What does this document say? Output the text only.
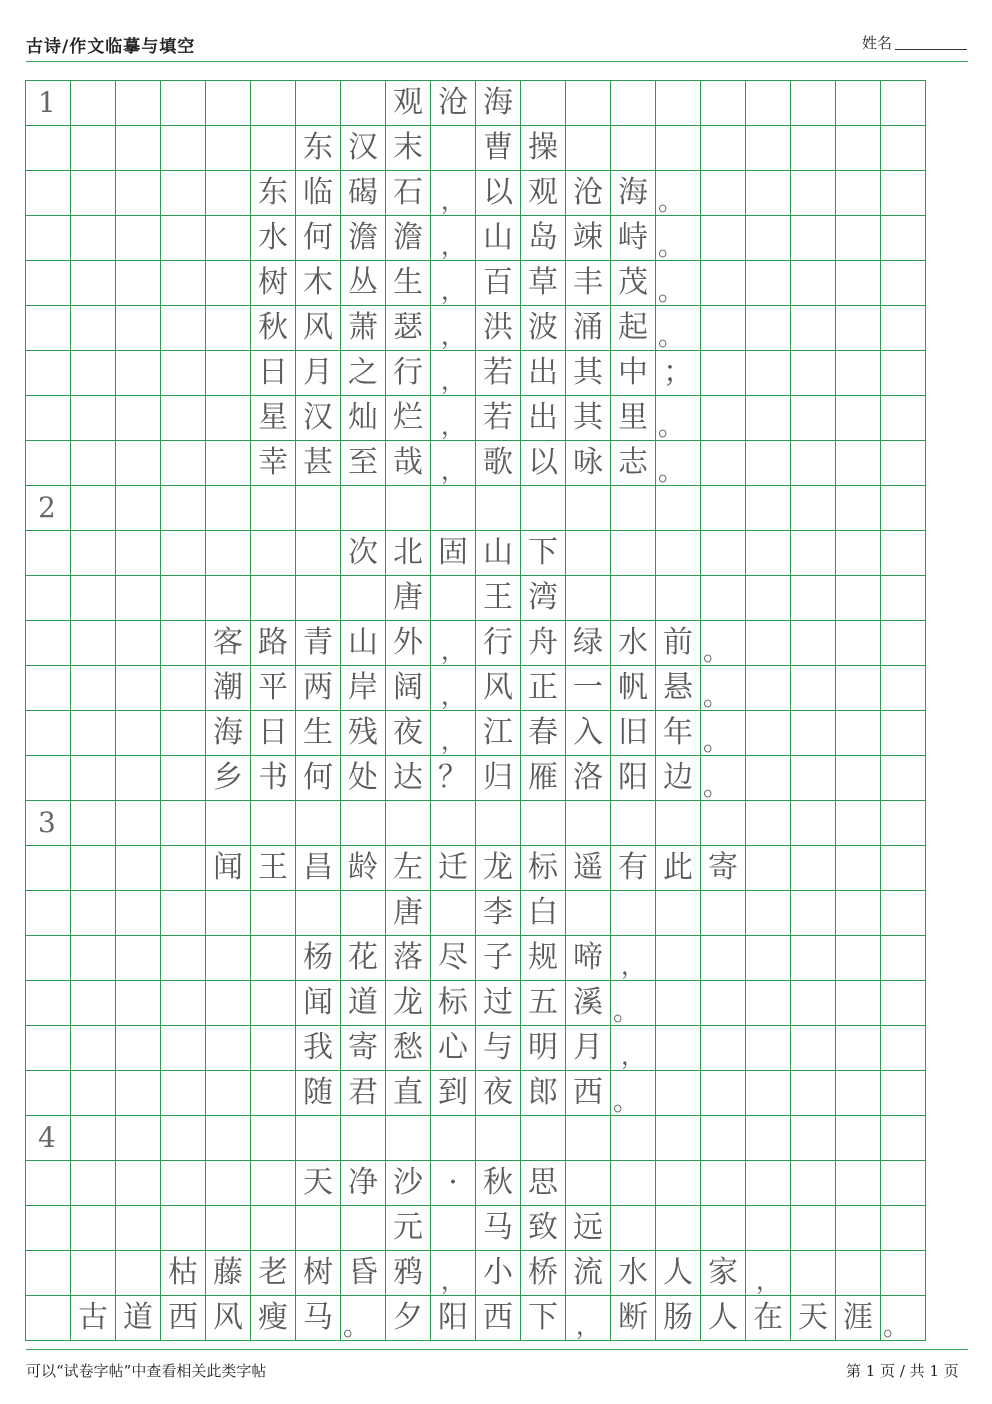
古诗/作文临摹与填空	姓名
1	观 沧 海
东 汉 末 曹 操
东 临 碣 石 ， 以 观 沧 海 。
水 何 澹 澹 ， 山 岛 竦 峙 。
树 木 丛 生 ， 百 草 丰 茂 。
秋 风 萧 瑟 ， 洪 波 涌 起 。
日 月 之 行 ， 若 出 其 中 ；
星 汉 灿 烂 ， 若 出 其 里 。
幸 甚 至 哉 ， 歌 以 咏 志 。
2
次 北 固 山 下
唐 王 湾
客 路 青 山 外 ， 行 舟 绿 水 前 。
潮 平 两 岸 阔 ， 风 正 一 帆 悬 。
海 日 生 残 夜 ， 江 春 入 旧 年 。
乡 书 何 处 达 ？ 归 雁 洛 阳 边 。
3
闻 王 昌 龄 左 迁 龙 标 遥 有 此 寄
唐 李 白
杨 花 落 尽 子 规 啼 ，
闻 道 龙 标 过 五 溪 。
我 寄 愁 心 与 明 月 ，
随 君 直 到 夜 郎 西 。
4
天 净 沙 · 秋 思
元 马 致 远
枯 藤 老 树 昏 鸦 ， 小 桥 流 水 人 家 ，
古 道 西 风 瘦 马 。 夕 阳 西 下 ， 断 肠 人 在 天 涯 。
可以“试卷字帖”中查看相关此类字帖	第 1 页 / 共 1 页
